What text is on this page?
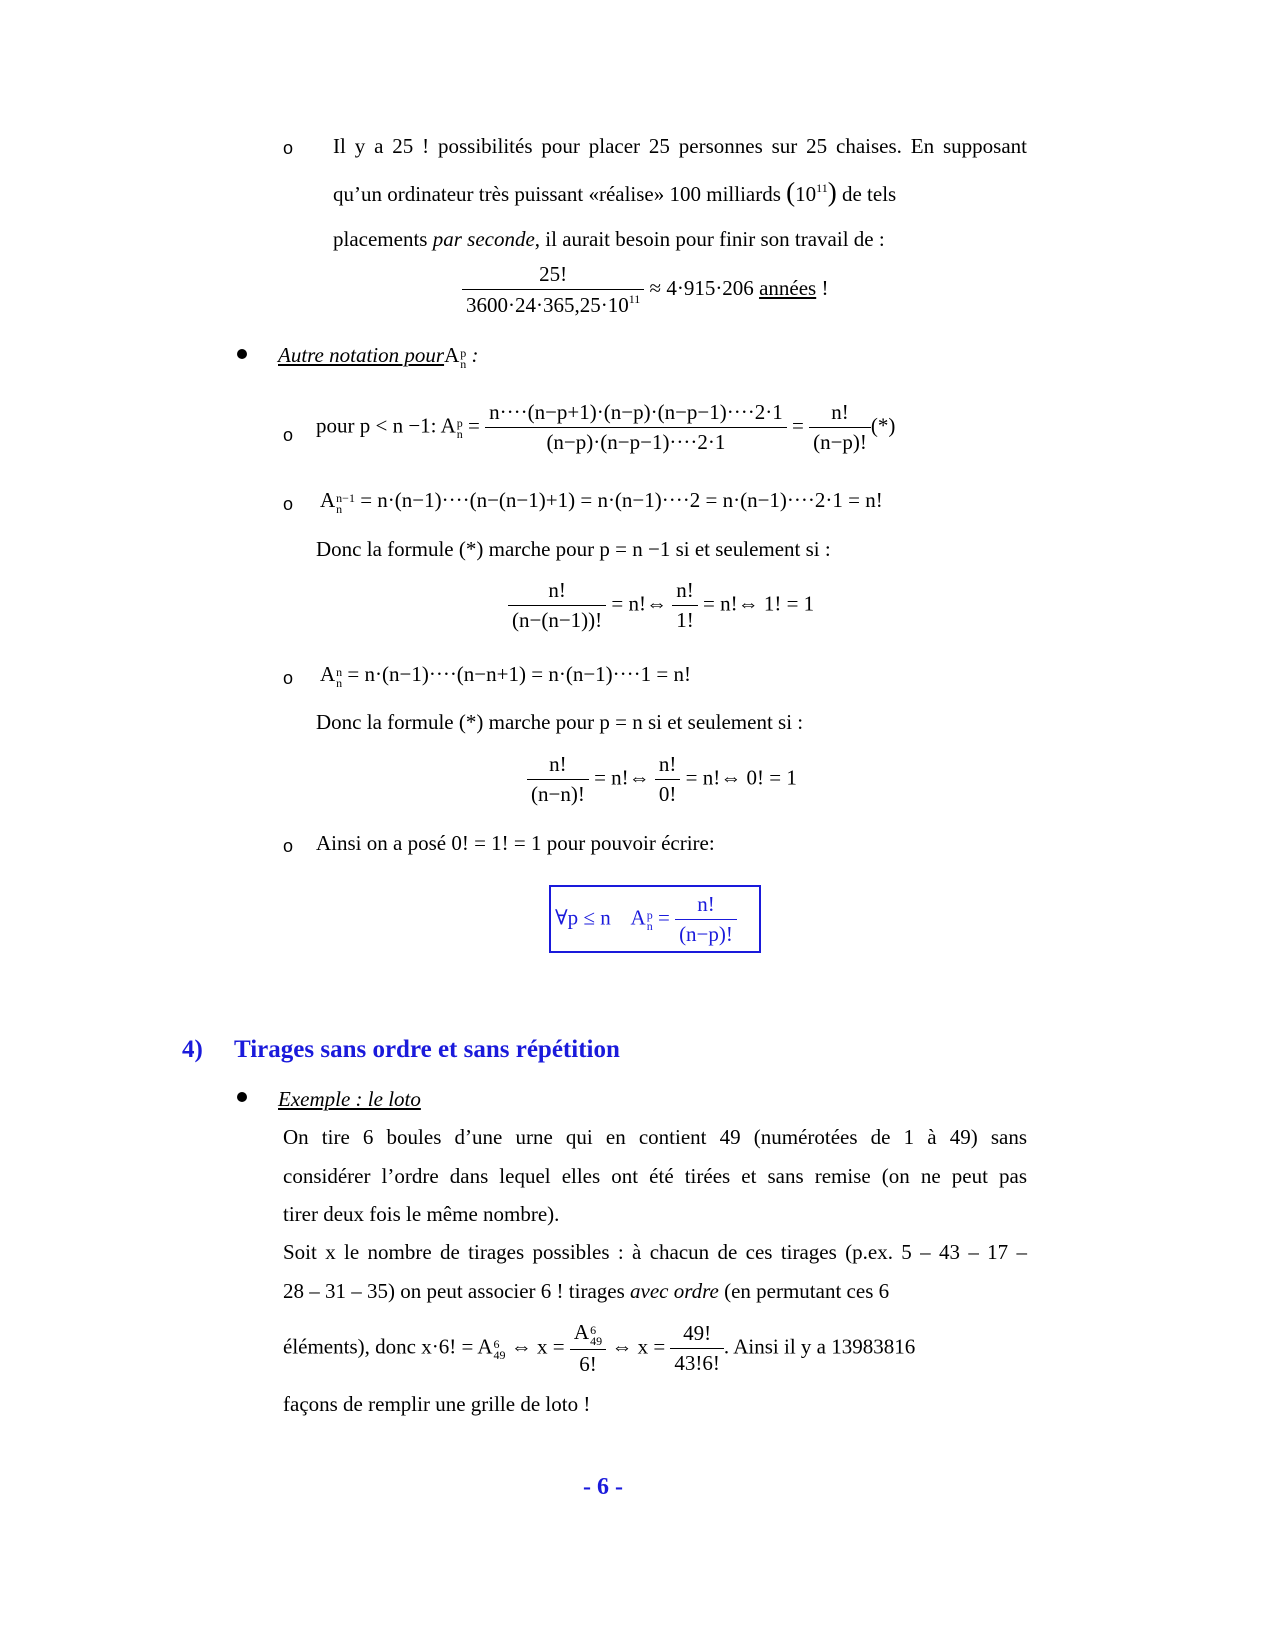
o Il y a 25 ! possibilités pour placer 25 personnes sur 25 chaises. En supposant
qu’un ordinateur très puissant «réalise» 100 milliards $(10^{11})$ de tels
placements par seconde, il aurait besoin pour finir son travail de :
$\frac{25!}{3600\cdot 24\cdot 365,25\cdot 10^{11}} \approx 4\cdot 915\cdot 206$ années !
Autre notation pourA p
n :
o pour p < n −1: A p
$n = \frac{n\cdot\cdot\cdot\cdot(n-p+1)\cdot(n-p)\cdot(n-p-1)\cdot\cdot\cdot\cdot 2\cdot 1}{(n-p)\cdot(n-p-1)\cdot\cdot\cdot\cdot 2\cdot 1} = \frac{n!}{(n-p)!}$ (*)
o A n−1
n = n·(n−1)····(n−(n−1)+1) = n·(n−1)····2 = n·(n−1)····2·1 = n!
Donc la formule (*) marche pour p = n −1 si et seulement si :
$\frac{n!}{(n-(n-1))!}$ = n!⇔ $\frac{n!}{1!}$ = n!⇔ 1! = 1
o A n
n = n·(n−1)····(n−n+1) = n·(n−1)····1 = n!
Donc la formule (*) marche pour p = n si et seulement si :
$\frac{n!}{(n-n)!}$ = n!⇔ $\frac{n!}{0!}$ = n!⇔ 0! = 1
o Ainsi on a posé 0! = 1! = 1 pour pouvoir écrire:
∀p ≤ n A p
$n = \frac{n!}{(n-p)!}$
4) Tirages sans ordre et sans répétition
Exemple : le loto
On tire 6 boules d’une urne qui en contient 49 (numérotées de 1 à 49) sans
considérer l’ordre dans lequel elles ont été tirées et sans remise (on ne peut pas
tirer deux fois le même nombre).
Soit x le nombre de tirages possibles : à chacun de ces tirages (p.ex. 5 – 43 – 17 –
28 – 31 – 35) on peut associer 6 ! tirages avec ordre (en permutant ces 6
éléments), donc x·6! = A 6
49 ⇔ x = A 6
49
6! ⇔ $x = \frac{49!}{43!6!}$ . Ainsi il y a 13983816
façons de remplir une grille de loto !
- 6 -
